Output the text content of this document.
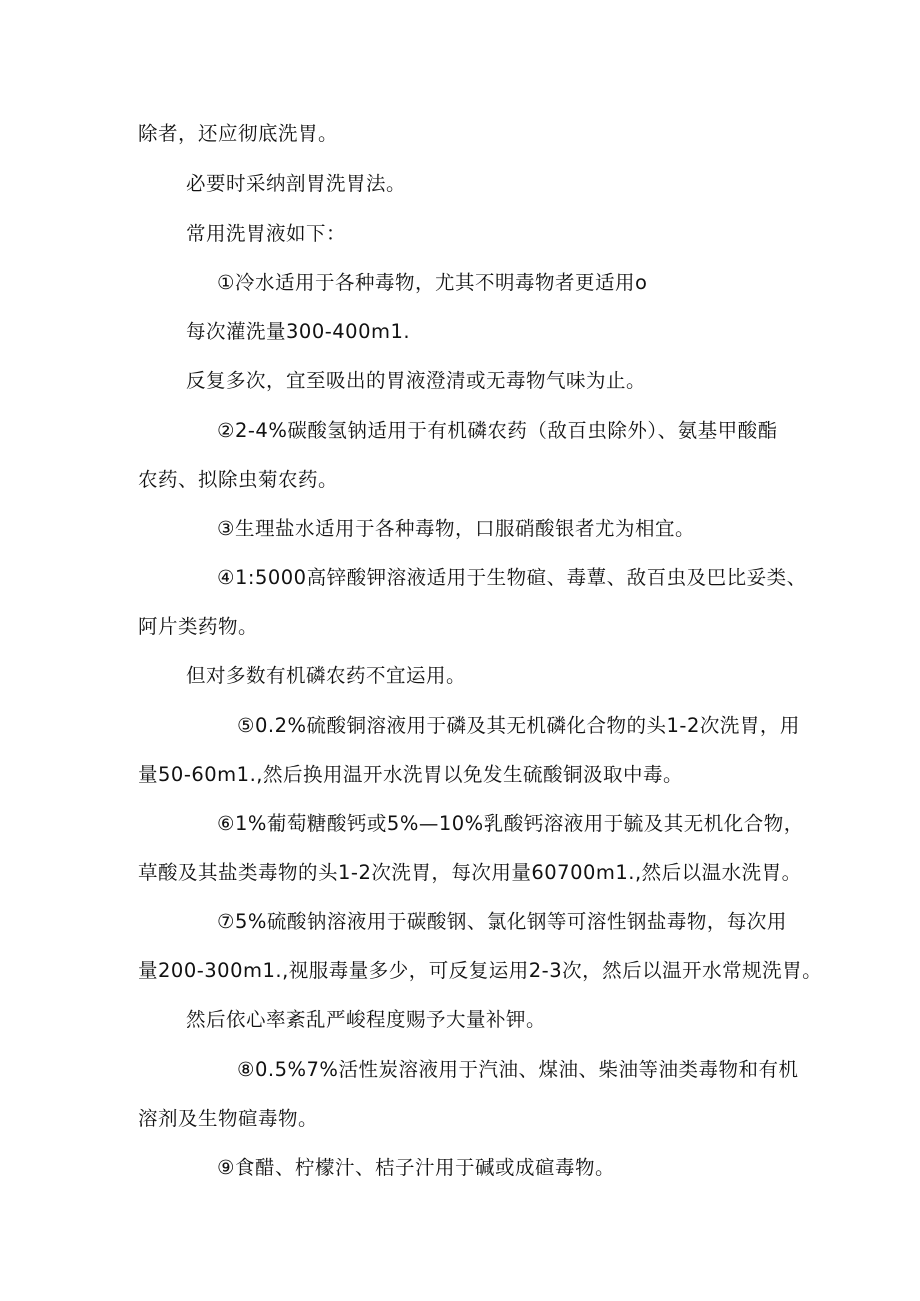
除者，还应彻底洗胃。
必要时采纳剖胃洗胃法。
常用洗胃液如下：
①冷水适用于各种毒物，尤其不明毒物者更适用o
每次灌洗量300-400m1.
反复多次，宜至吸出的胃液澄清或无毒物气味为止。
②2-4%碳酸氢钠适用于有机磷农药（敌百虫除外）、氨基甲酸酯
农药、拟除虫菊农药。
③生理盐水适用于各种毒物，口服硝酸银者尤为相宜。
④1:5000高锌酸钾溶液适用于生物碹、毒蕈、敌百虫及巴比妥类、
阿片类药物。
但对多数有机磷农药不宜运用。
⑤0.2%硫酸铜溶液用于磷及其无机磷化合物的头1-2次洗胃，用
量50-60m1.,然后换用温开水洗胃以免发生硫酸铜汲取中毒。
⑥1%葡萄糖酸钙或5%—10%乳酸钙溶液用于毓及其无机化合物，
草酸及其盐类毒物的头1-2次洗胃，每次用量60700m1.,然后以温水洗胃。
⑦5%硫酸钠溶液用于碳酸钢、氯化钢等可溶性钢盐毒物，每次用
量200-300m1.,视服毒量多少，可反复运用2-3次，然后以温开水常规洗胃。
然后依心率紊乱严峻程度赐予大量补钾。
⑧0.5%7%活性炭溶液用于汽油、煤油、柴油等油类毒物和有机
溶剂及生物碹毒物。
⑨食醋、柠檬汁、桔子汁用于碱或成碹毒物。
